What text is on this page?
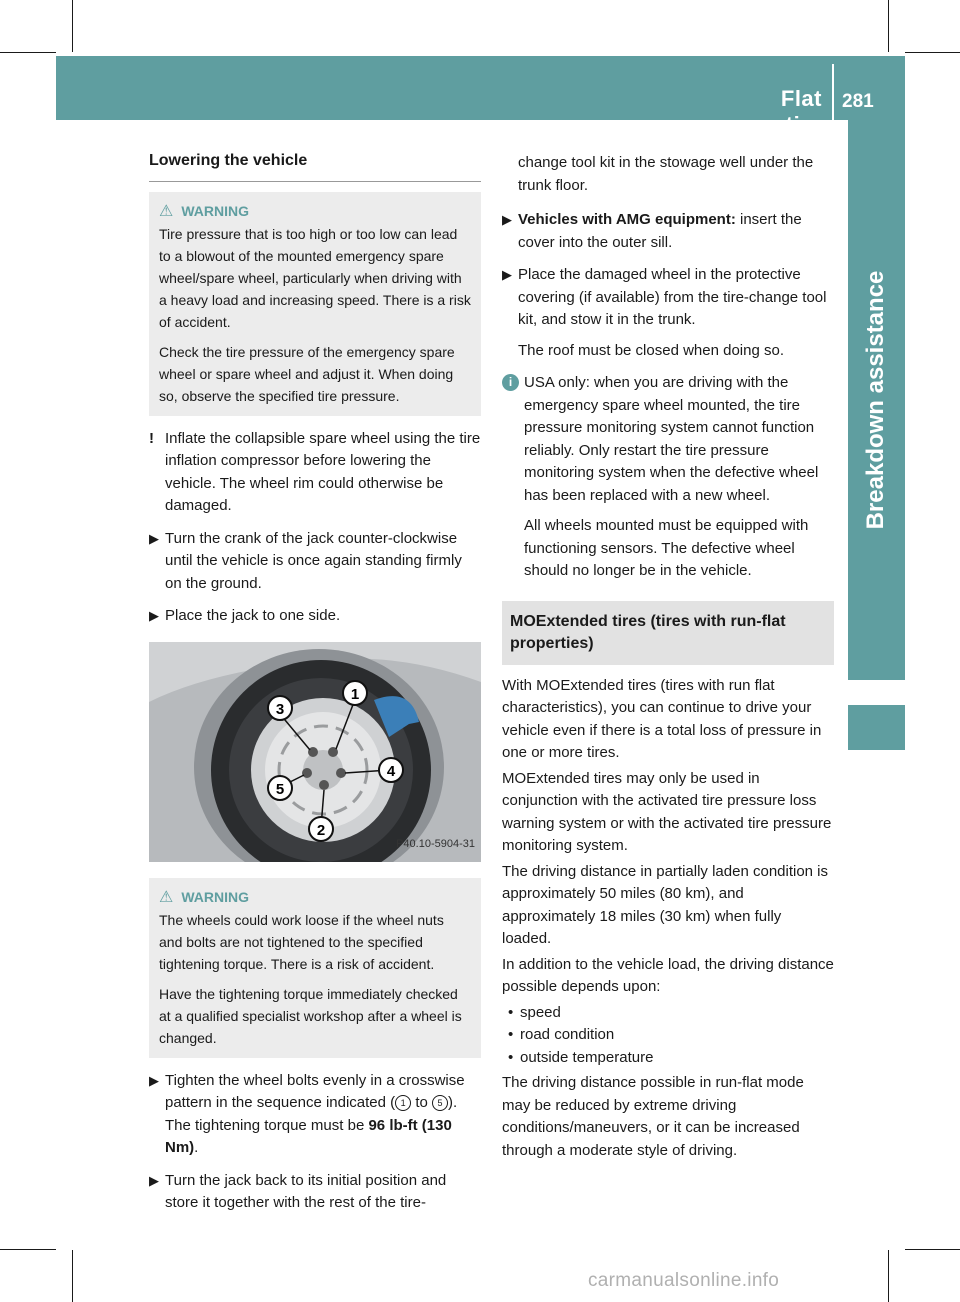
Flat tire
281
Breakdown assistance
Lowering the vehicle
⚠ WARNING

Tire pressure that is too high or too low can lead to a blowout of the mounted emergency spare wheel/spare wheel, particularly when driving with a heavy load and increasing speed. There is a risk of accident.

Check the tire pressure of the emergency spare wheel or spare wheel and adjust it. When doing so, observe the specified tire pressure.

! Inflate the collapsible spare wheel using the tire inflation compressor before lowering the vehicle. The wheel rim could otherwise be damaged.
▶ Turn the crank of the jack counter-clockwise until the vehicle is once again standing firmly on the ground.
▶ Place the jack to one side.
1
2
3
4
5
P40.10-5904-31
⚠ WARNING

The wheels could work loose if the wheel nuts and bolts are not tightened to the specified tightening torque. There is a risk of accident.

Have the tightening torque immediately checked at a qualified specialist workshop after a wheel is changed.

▶ Tighten the wheel bolts evenly in a crosswise pattern in the sequence indicated ( 1 to 5 ). The tightening torque must be 96 lb-ft (130 Nm).
▶ Turn the jack back to its initial position and store it together with the rest of the tire-
change tool kit in the stowage well under the trunk floor.
▶ Vehicles with AMG equipment: insert the cover into the outer sill.
▶ Place the damaged wheel in the protective covering (if available) from the tire-change tool kit, and stow it in the trunk.

The roof must be closed when doing so.

i USA only: when you are driving with the emergency spare wheel mounted, the tire pressure monitoring system cannot function reliably. Only restart the tire pressure monitoring system when the defective wheel has been replaced with a new wheel.

All wheels mounted must be equipped with functioning sensors. The defective wheel should no longer be in the vehicle.

MOExtended tires (tires with run-flat properties)

With MOExtended tires (tires with run flat characteristics), you can continue to drive your vehicle even if there is a total loss of pressure in one or more tires.

MOExtended tires may only be used in conjunction with the activated tire pressure loss warning system or with the activated tire pressure monitoring system.

The driving distance in partially laden condition is approximately 50 miles (80 km), and approximately 18 miles (30 km) when fully loaded.

In addition to the vehicle load, the driving distance possible depends upon:

• speed
• road condition
• outside temperature

The driving distance possible in run-flat mode may be reduced by extreme driving conditions/maneuvers, or it can be increased through a moderate style of driving.

carmanualsonline.info
